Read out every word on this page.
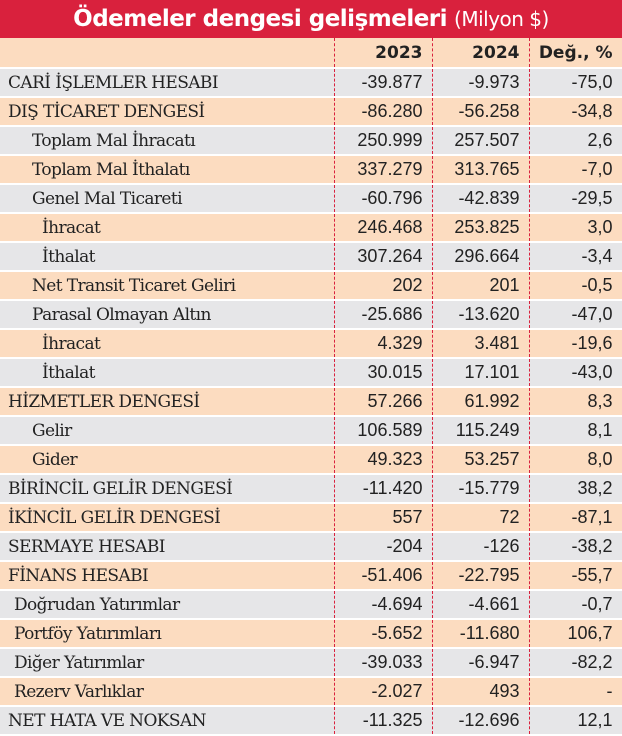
Ödemeler dengesi gelişmeleri (Milyon $)
	2023	2024	Değ., %
CARİ İŞLEMLER HESABI	-39.877	-9.973	-75,0
DIŞ TİCARET DENGESİ	-86.280	-56.258	-34,8
Toplam Mal İhracatı	250.999	257.507	2,6
Toplam Mal İthalatı	337.279	313.765	-7,0
Genel Mal Ticareti	-60.796	-42.839	-29,5
İhracat	246.468	253.825	3,0
İthalat	307.264	296.664	-3,4
Net Transit Ticaret Geliri	202	201	-0,5
Parasal Olmayan Altın	-25.686	-13.620	-47,0
İhracat	4.329	3.481	-19,6
İthalat	30.015	17.101	-43,0
HİZMETLER DENGESİ	57.266	61.992	8,3
Gelir	106.589	115.249	8,1
Gider	49.323	53.257	8,0
BİRİNCİL GELİR DENGESİ	-11.420	-15.779	38,2
İKİNCİL GELİR DENGESİ	557	72	-87,1
SERMAYE HESABI	-204	-126	-38,2
FİNANS HESABI	-51.406	-22.795	-55,7
Doğrudan Yatırımlar	-4.694	-4.661	-0,7
Portföy Yatırımları	-5.652	-11.680	106,7
Diğer Yatırımlar	-39.033	-6.947	-82,2
Rezerv Varlıklar	-2.027	493	-
NET HATA VE NOKSAN	-11.325	-12.696	12,1
